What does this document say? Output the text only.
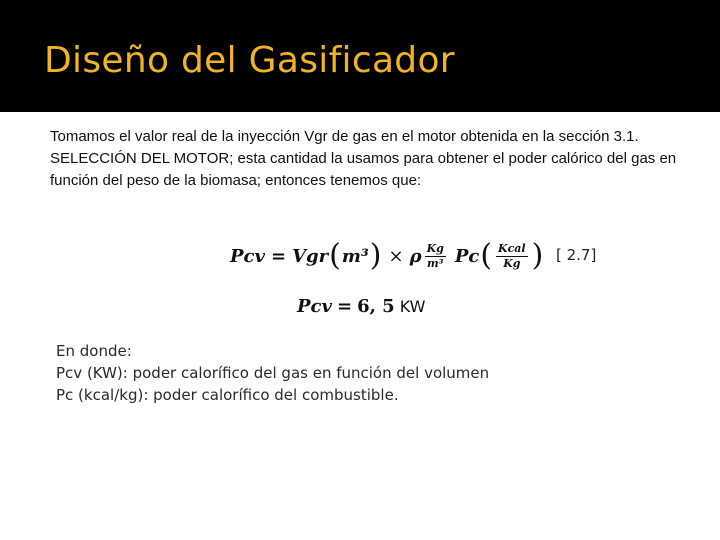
Diseño del Gasificador
Tomamos el valor real de la inyección Vgr de gas en el motor obtenida en la sección 3.1. SELECCIÓN DEL MOTOR; esta cantidad la usamos para obtener el poder calórico del gas en función del peso de la biomasa; entonces tenemos que:
Pcv = Vgr ( m³ ) × ρ $\frac{Kg}{\text{m³}}$ Pc ( $\frac{\text{Kcal}}{Kg}$ ) [ 2.7]
Pcv = 6, 5 KW
En donde:
Pcv (KW): poder calorífico del gas en función del volumen
Pc (kcal/kg): poder calorífico del combustible.
